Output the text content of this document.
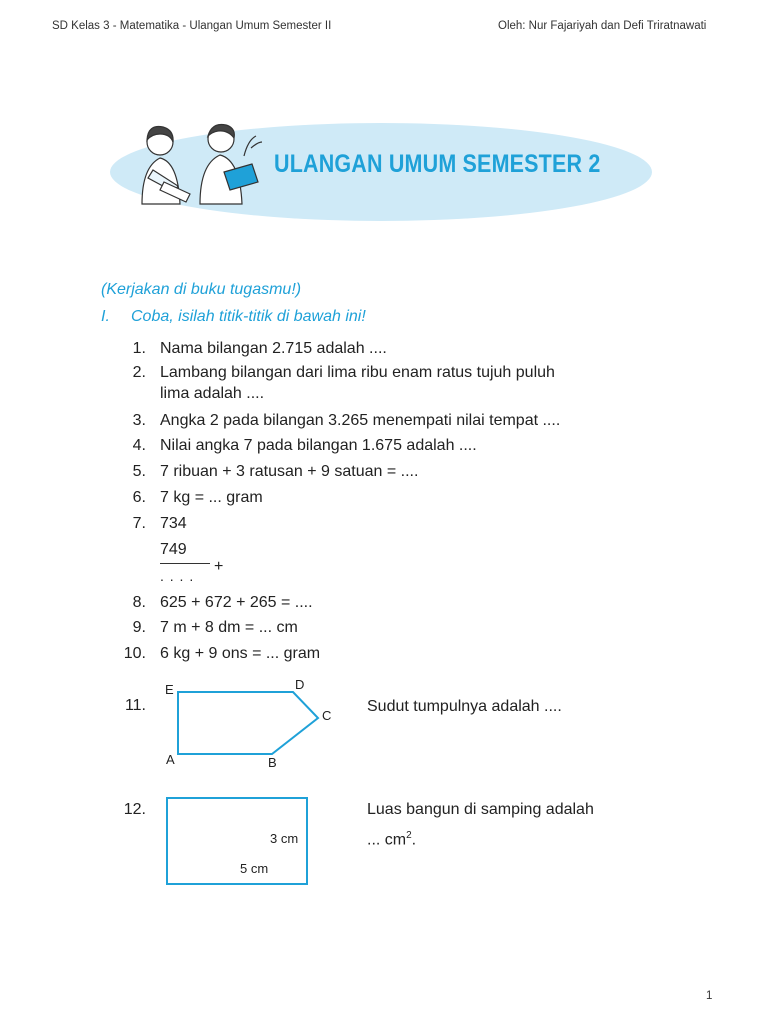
SD Kelas 3 - Matematika - Ulangan Umum Semester II	Oleh: Nur Fajariyah dan Defi Triratnawati
ULANGAN UMUM SEMESTER 2
(Kerjakan di buku tugasmu!)
I. Coba, isilah titik-titik di bawah ini!
1. Nama bilangan 2.715 adalah ....
2. Lambang bilangan dari lima ribu enam ratus tujuh puluh
lima adalah ....
3. Angka 2 pada bilangan 3.265 menempati nilai tempat ....
4. Nilai angka 7 pada bilangan 1.675 adalah ....
5. 7 ribuan + 3 ratusan + 9 satuan = ....
6. 7 kg = ... gram
7. 734
749
+
. . . .
8. 625 + 672 + 265 = ....
9. 7 m + 8 dm = ... cm
10. 6 kg + 9 ons = ... gram
11.
E	D
C
A	B
Sudut tumpulnya adalah ....
12.
3 cm
5 cm
Luas bangun di samping adalah
... $cm^2$.
1
